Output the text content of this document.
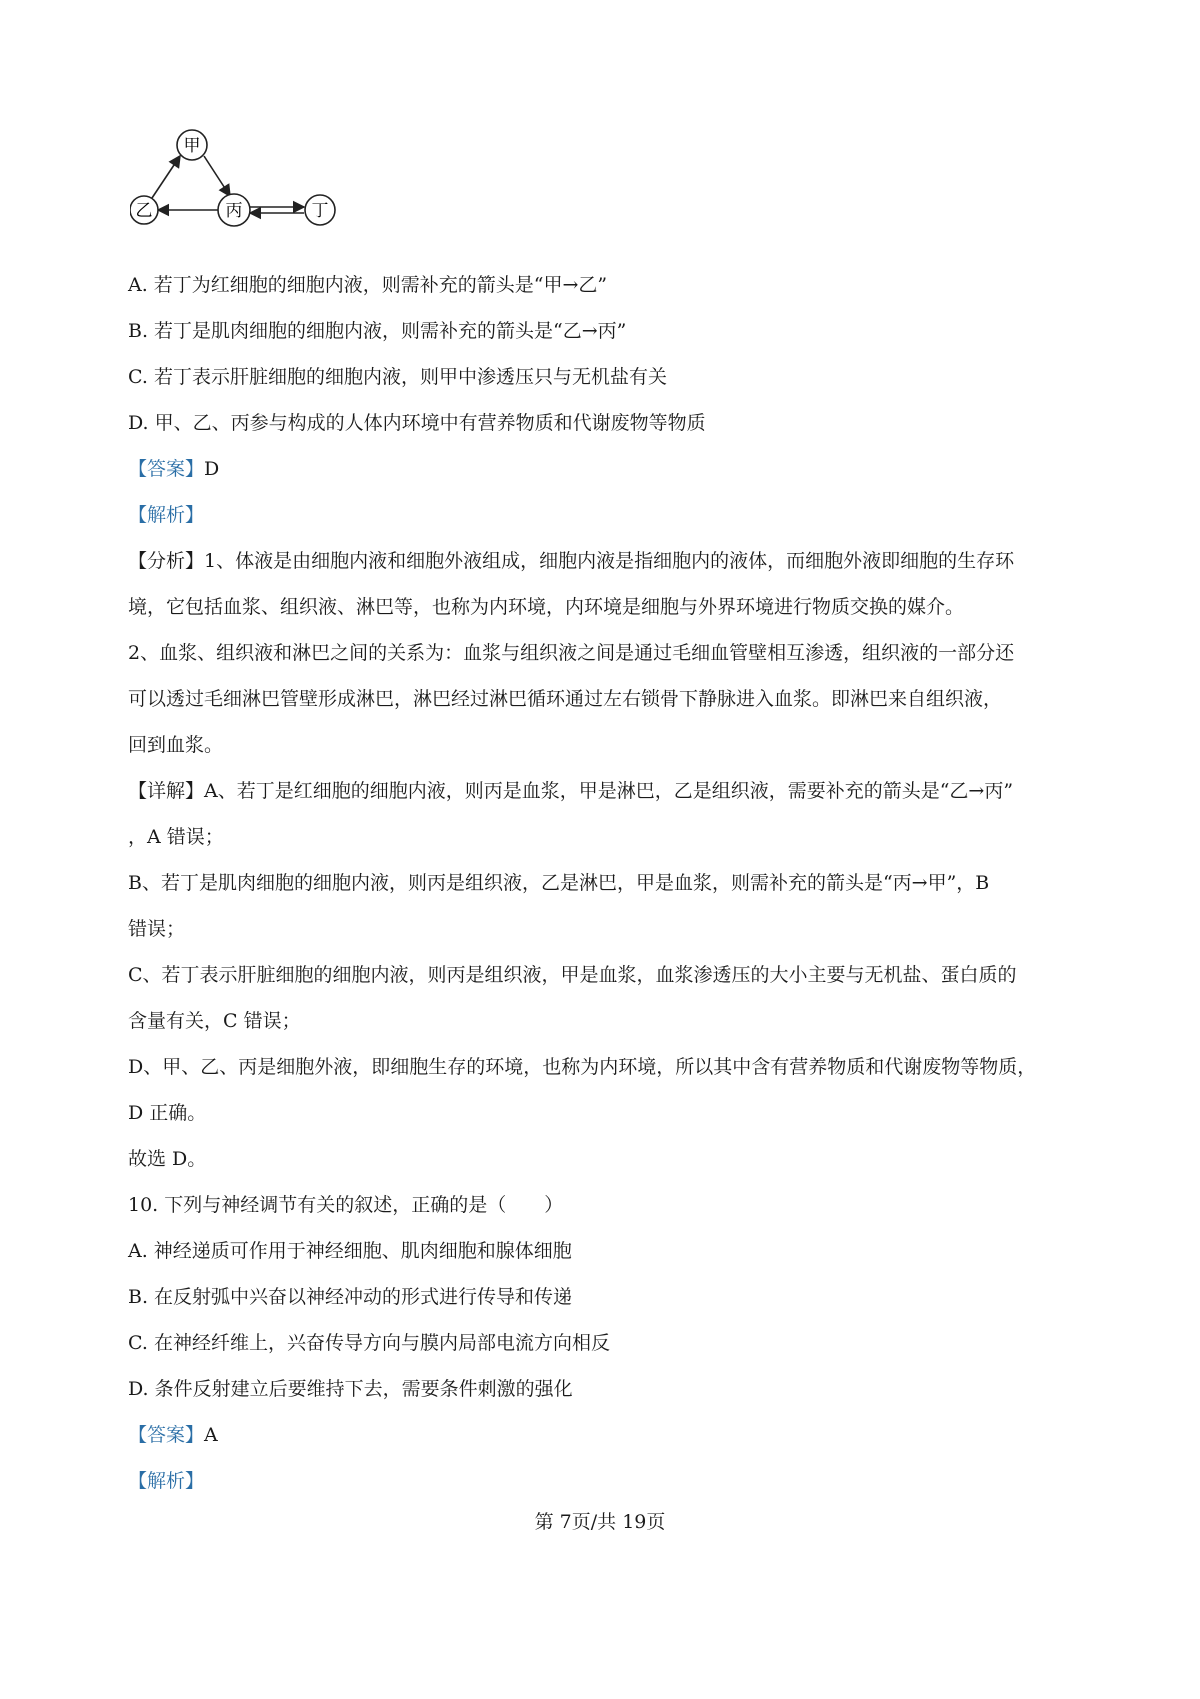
甲
乙	丙	丁

A. 若丁为红细胞的细胞内液，则需补充的箭头是“甲→乙”

B. 若丁是肌肉细胞的细胞内液，则需补充的箭头是“乙→丙”

C. 若丁表示肝脏细胞的细胞内液，则甲中渗透压只与无机盐有关

D. 甲、乙、丙参与构成的人体内环境中有营养物质和代谢废物等物质

【答案】D

【解析】

【分析】1、体液是由细胞内液和细胞外液组成，细胞内液是指细胞内的液体，而细胞外液即细胞的生存环

境，它包括血浆、组织液、淋巴等，也称为内环境，内环境是细胞与外界环境进行物质交换的媒介。

2、血浆、组织液和淋巴之间的关系为：血浆与组织液之间是通过毛细血管壁相互渗透，组织液的一部分还

可以透过毛细淋巴管壁形成淋巴，淋巴经过淋巴循环通过左右锁骨下静脉进入血浆。即淋巴来自组织液，

回到血浆。

【详解】A、若丁是红细胞的细胞内液，则丙是血浆，甲是淋巴，乙是组织液，需要补充的箭头是“乙→丙”

，A 错误；

B、若丁是肌肉细胞的细胞内液，则丙是组织液，乙是淋巴，甲是血浆，则需补充的箭头是“丙→甲”，B

错误；

C、若丁表示肝脏细胞的细胞内液，则丙是组织液，甲是血浆，血浆渗透压的大小主要与无机盐、蛋白质的

含量有关，C 错误；

D、甲、乙、丙是细胞外液，即细胞生存的环境，也称为内环境，所以其中含有营养物质和代谢废物等物质，

D 正确。

故选 D。

10. 下列与神经调节有关的叙述，正确的是（　　）

A. 神经递质可作用于神经细胞、肌肉细胞和腺体细胞

B. 在反射弧中兴奋以神经冲动的形式进行传导和传递

C. 在神经纤维上，兴奋传导方向与膜内局部电流方向相反

D. 条件反射建立后要维持下去，需要条件刺激的强化

【答案】A

【解析】

第 7页/共 19页
